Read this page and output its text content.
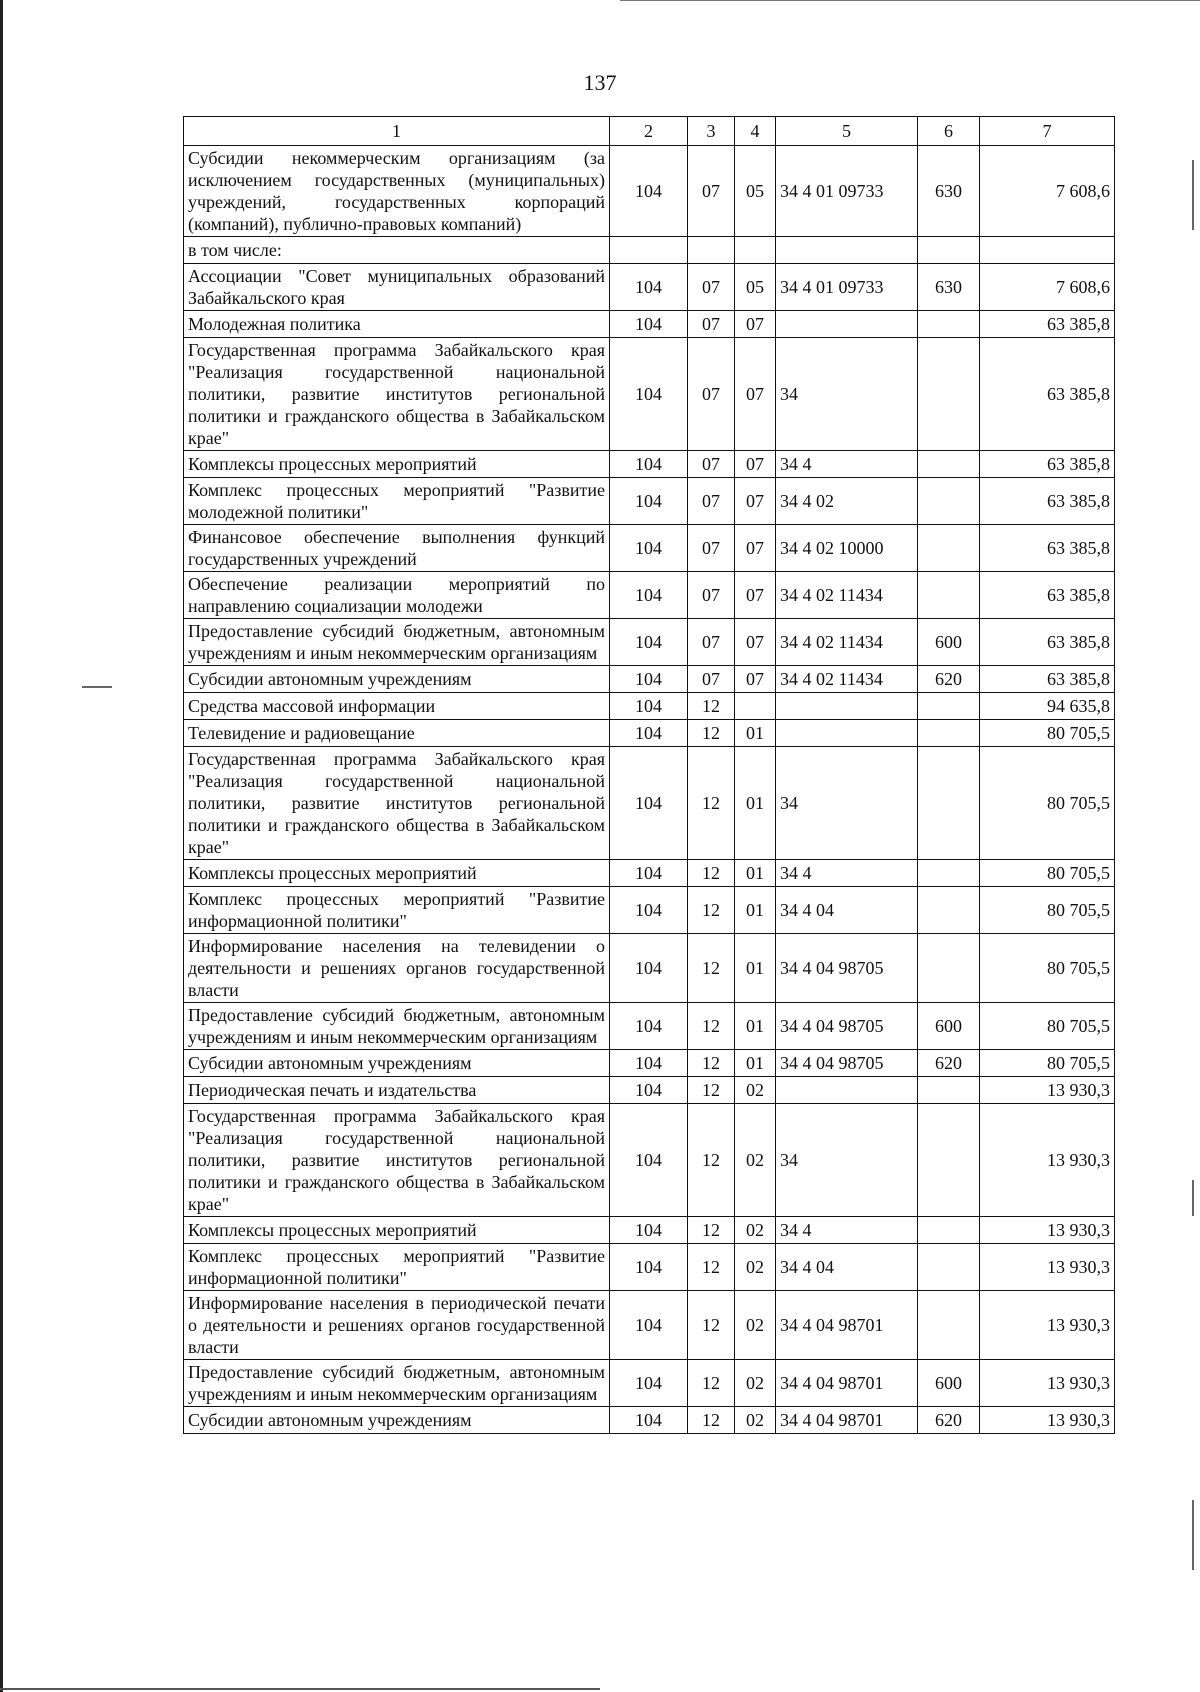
137
1	2	3	4	5	6	7
Субсидии некоммерческим организациям (за исключением государственных (муниципальных) учреждений, государственных корпораций (компаний), публично-правовых компаний)	104	07	05	34 4 01 09733	630	7 608,6
в том числе:						
Ассоциации "Совет муниципальных образований Забайкальского края	104	07	05	34 4 01 09733	630	7 608,6
Молодежная политика	104	07	07			63 385,8
Государственная программа Забайкальского края "Реализация государственной национальной политики, развитие институтов региональной политики и гражданского общества в Забайкальском крае"	104	07	07	34		63 385,8
Комплексы процессных мероприятий	104	07	07	34 4		63 385,8
Комплекс процессных мероприятий "Развитие молодежной политики"	104	07	07	34 4 02		63 385,8
Финансовое обеспечение выполнения функций государственных учреждений	104	07	07	34 4 02 10000		63 385,8
Обеспечение реализации мероприятий по направлению социализации молодежи	104	07	07	34 4 02 11434		63 385,8
Предоставление субсидий бюджетным, автономным учреждениям и иным некоммерческим организациям	104	07	07	34 4 02 11434	600	63 385,8
Субсидии автономным учреждениям	104	07	07	34 4 02 11434	620	63 385,8
Средства массовой информации	104	12				94 635,8
Телевидение и радиовещание	104	12	01			80 705,5
Государственная программа Забайкальского края "Реализация государственной национальной политики, развитие институтов региональной политики и гражданского общества в Забайкальском крае"	104	12	01	34		80 705,5
Комплексы процессных мероприятий	104	12	01	34 4		80 705,5
Комплекс процессных мероприятий "Развитие информационной политики"	104	12	01	34 4 04		80 705,5
Информирование населения на телевидении о деятельности и решениях органов государственной власти	104	12	01	34 4 04 98705		80 705,5
Предоставление субсидий бюджетным, автономным учреждениям и иным некоммерческим организациям	104	12	01	34 4 04 98705	600	80 705,5
Субсидии автономным учреждениям	104	12	01	34 4 04 98705	620	80 705,5
Периодическая печать и издательства	104	12	02			13 930,3
Государственная программа Забайкальского края "Реализация государственной национальной политики, развитие институтов региональной политики и гражданского общества в Забайкальском крае"	104	12	02	34		13 930,3
Комплексы процессных мероприятий	104	12	02	34 4		13 930,3
Комплекс процессных мероприятий "Развитие информационной политики"	104	12	02	34 4 04		13 930,3
Информирование населения в периодической печати о деятельности и решениях органов государственной власти	104	12	02	34 4 04 98701		13 930,3
Предоставление субсидий бюджетным, автономным учреждениям и иным некоммерческим организациям	104	12	02	34 4 04 98701	600	13 930,3
Субсидии автономным учреждениям	104	12	02	34 4 04 98701	620	13 930,3
